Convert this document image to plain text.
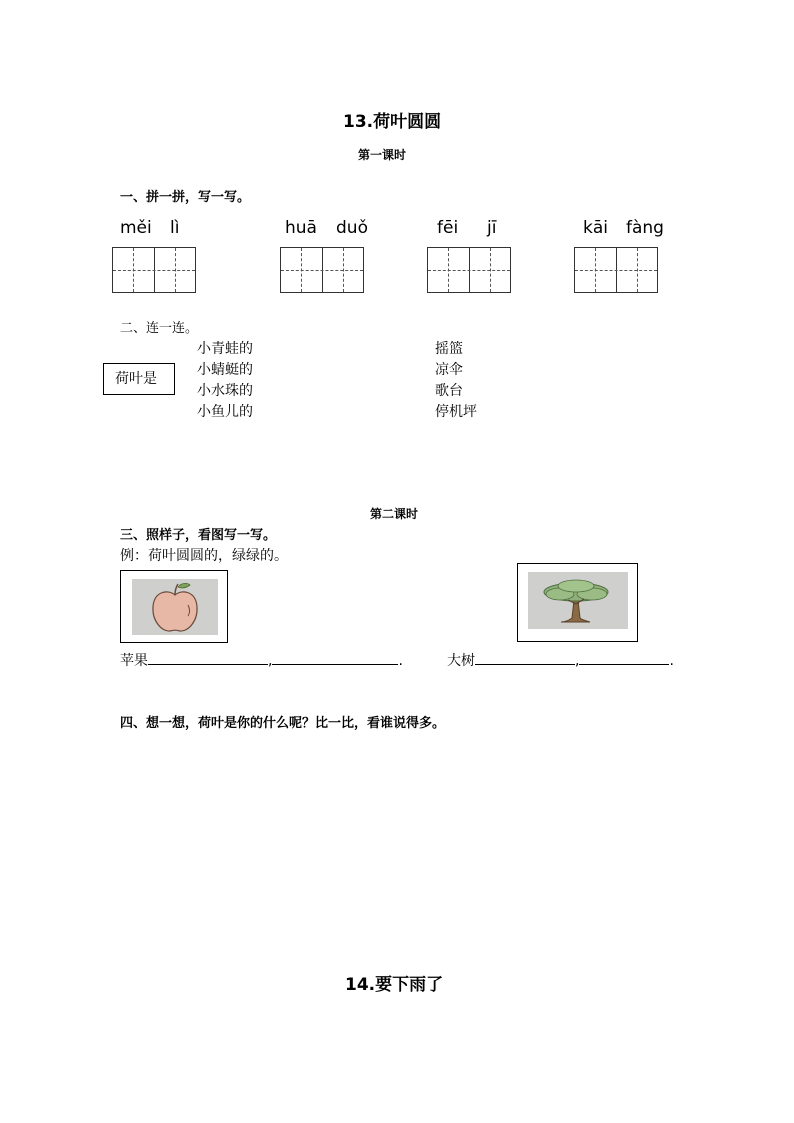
13.荷叶圆圆
第一课时
一、拼一拼，写一写。
měi lì	huā duǒ	fēi jī	kāi fàng
二、连一连。
荷叶是
小青蛙的
小蜻蜓的
小水珠的
小鱼儿的
摇篮
凉伞
歌台
停机坪
第二课时
三、照样子，看图写一写。
例：荷叶圆圆的，绿绿的。
苹果	,	.	大树	,	.
四、想一想，荷叶是你的什么呢？比一比，看谁说得多。
14.要下雨了
